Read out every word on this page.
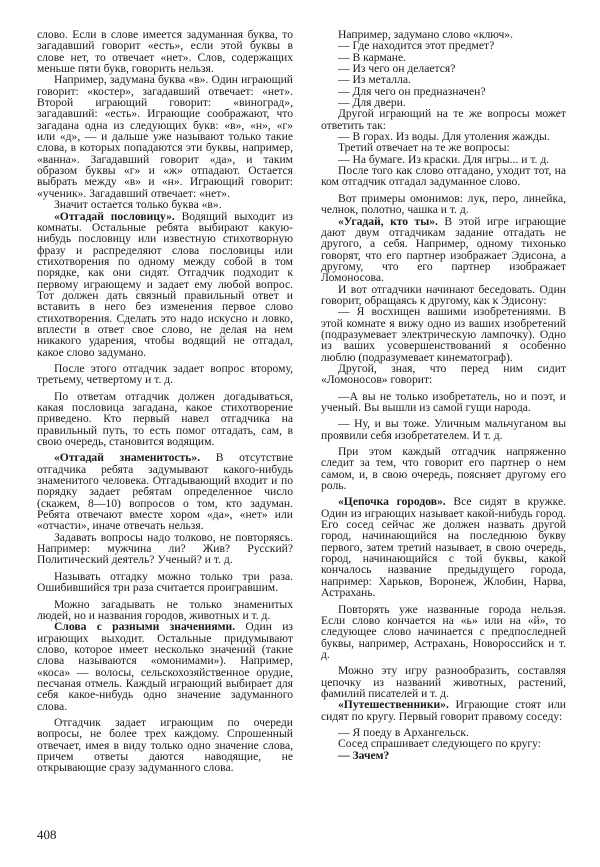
слово. Если в слове имеется задуманная буква, то загадавший говорит «есть», если этой буквы в слове нет, то отвечает «нет». Слов, содержащих меньше пяти букв, говорить нельзя.

Например, задумана буква «в». Один играющий говорит: «костер», загадавший отвечает: «нет». Второй играющий говорит: «виноград», загадавший: «есть». Играющие соображают, что загадана одна из следующих букв: «в», «н», «г» или «д», — и дальше уже называют только такие слова, в которых попадаются эти буквы, например, «ванна». Загадавший говорит «да», и таким образом буквы «г» и «ж» отпадают. Остается выбрать между «в» и «н». Играющий говорит: «ученик». Загадавший отвечает: «нет».

Значит остается только буква «в».

«Отгадай пословицу». Водящий выходит из комнаты. Остальные ребята выбирают какую-нибудь пословицу или известную стихотворную фразу и распределяют слова пословицы или стихотворения по одному между собой в том порядке, как они сидят. Отгадчик подходит к первому играющему и задает ему любой вопрос. Тот должен дать связный правильный ответ и вставить в него без изменения первое слово стихотворения. Сделать это надо искусно и ловко, вплести в ответ свое слово, не делая на нем никакого ударения, чтобы водящий не отгадал, какое слово задумано.

После этого отгадчик задает вопрос второму, третьему, четвертому и т. д.

По ответам отгадчик должен догадываться, какая пословица загадана, какое стихотворение приведено. Кто первый навел отгадчика на правильный путь, то есть помог отгадать, сам, в свою очередь, становится водящим.

«Отгадай знаменитость». В отсутствие отгадчика ребята задумывают какого-нибудь знаменитого человека. Отгадывающий входит и по порядку задает ребятам определенное число (скажем, 8—10) вопросов о том, кто задуман. Ребята отвечают вместе хором «да», «нет» или «отчасти», иначе отвечать нельзя.

Задавать вопросы надо толково, не повторяясь. Например: мужчина ли? Жив? Русский? Политический деятель? Ученый? и т. д.

Называть отгадку можно только три раза. Ошибившийся три раза считается проигравшим.

Можно загадывать не только знаменитых людей, но и названия городов, животных и т. д.

Слова с разными значениями. Один из играющих выходит. Остальные придумывают слово, которое имеет несколько значений (такие слова называются «омонимами»). Например, «коса» — волосы, сельскохозяйственное орудие, песчаная отмель. Каждый играющий выбирает для себя какое-нибудь одно значение задуманного слова.

Отгадчик задает играющим по очереди вопросы, не более трех каждому. Спрошенный отвечает, имея в виду только одно значение слова, причем ответы даются наводящие, не открывающие сразу задуманного слова.

Например, задумано слово «ключ».

— Где находится этот предмет?

— В кармане.

— Из чего он делается?

— Из металла.

— Для чего он предназначен?

— Для двери.

Другой играющий на те же вопросы может ответить так:

— В горах. Из воды. Для утоления жажды.

Третий отвечает на те же вопросы:

— На бумаге. Из краски. Для игры... и т. д.

После того как слово отгадано, уходит тот, на ком отгадчик отгадал задуманное слово.

Вот примеры омонимов: лук, перо, линейка, челнок, полотно, чашка и т. д.

«Угадай, кто ты». В этой игре играющие дают двум отгадчикам задание отгадать не другого, а себя. Например, одному тихонько говорят, что его партнер изображает Эдисона, а другому, что его партнер изображает Ломоносова.

И вот отгадчики начинают беседовать. Один говорит, обращаясь к другому, как к Эдисону:

— Я восхищен вашими изобретениями. В этой комнате я вижу одно из ваших изобретений (подразумевает электрическую лампочку). Одно из ваших усовершенствований я особенно люблю (подразумевает кинематограф).

Другой, зная, что перед ним сидит «Ломоносов» говорит:

—А вы не только изобретатель, но и поэт, и ученый. Вы вышли из самой гущи народа.

— Ну, и вы тоже. Уличным мальчуганом вы проявили себя изобретателем. И т. д.

При этом каждый отгадчик напряженно следит за тем, что говорит его партнер о нем самом, и, в свою очередь, поясняет другому его роль.

«Цепочка городов». Все сидят в кружке. Один из играющих называет какой-нибудь город. Его сосед сейчас же должен назвать другой город, начинающийся на последнюю букву первого, затем третий называет, в свою очередь, город, начинающийся с той буквы, какой кончалось название предыдущего города, например: Харьков, Воронеж, Жлобин, Нарва, Астрахань.

Повторять уже названные города нельзя. Если слово кончается на «ь» или на «й», то следующее слово начинается с предпоследней буквы, например, Астрахань, Новороссийск и т. д.

Можно эту игру разнообразить, составляя цепочку из названий животных, растений, фамилий писателей и т. д.

«Путешественники». Играющие стоят или сидят по кругу. Первый говорит правому соседу:

— Я поеду в Архангельск.

Сосед спрашивает следующего по кругу:

— Зачем?

408
